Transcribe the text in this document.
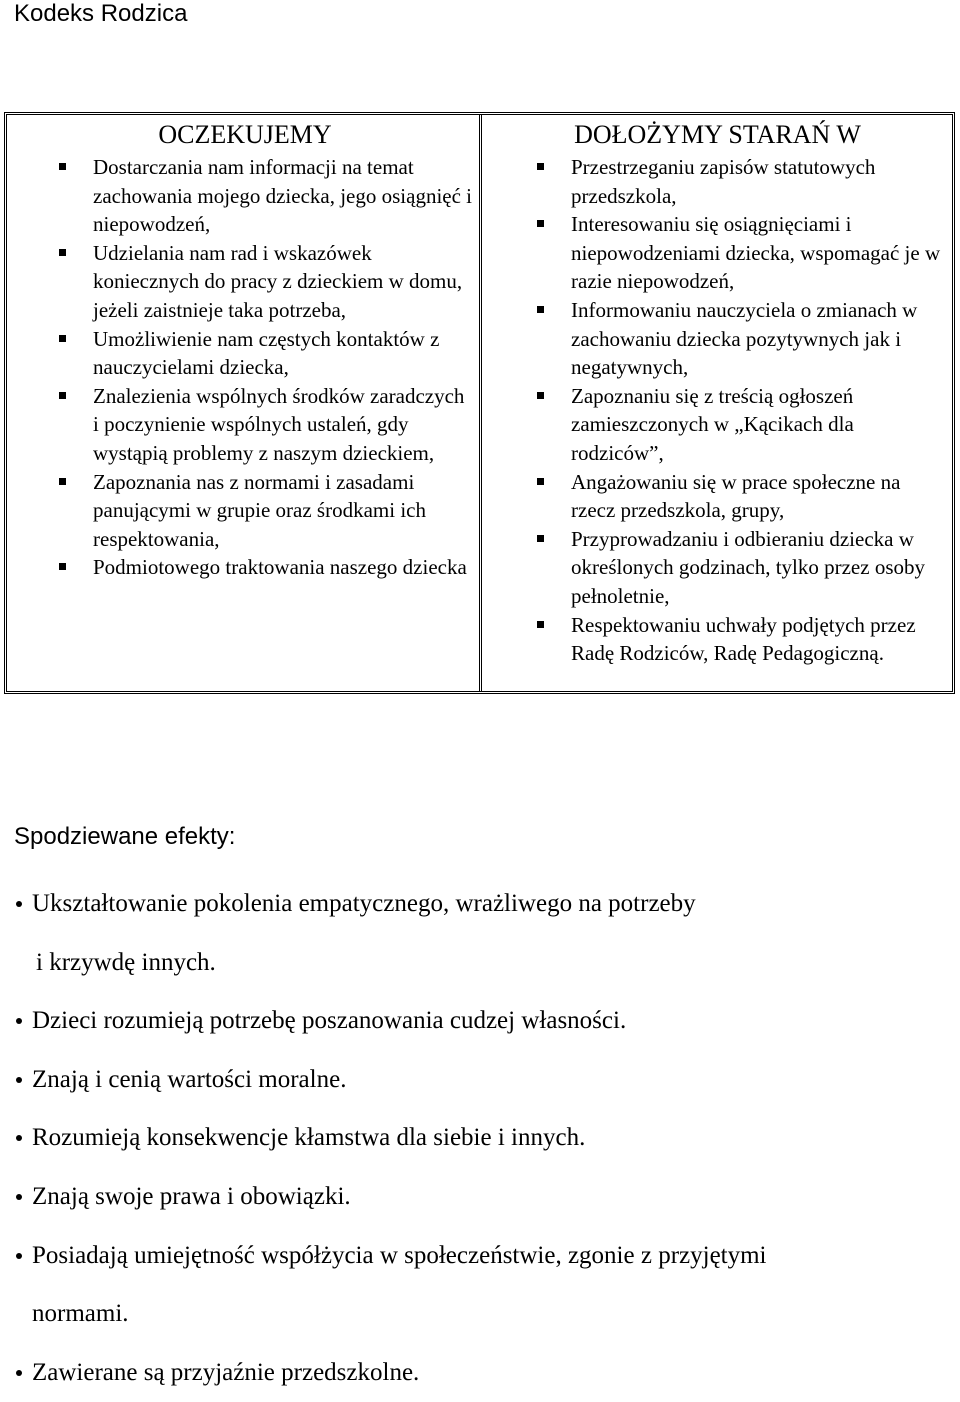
Kodeks Rodzica
OCZEKUJEMY
Dostarczania nam informacji na temat zachowania mojego dziecka, jego osiągnięć i niepowodzeń,
Udzielania nam rad i wskazówek koniecznych do pracy z dzieckiem w domu, jeżeli zaistnieje taka potrzeba,
Umożliwienie nam częstych kontaktów z nauczycielami dziecka,
Znalezienia wspólnych środków zaradczych i poczynienie wspólnych ustaleń, gdy wystąpią problemy z naszym dzieckiem,
Zapoznania nas z normami i zasadami panującymi w grupie oraz środkami ich respektowania,
Podmiotowego traktowania naszego dziecka
DOŁOŻYMY STARAŃ W
Przestrzeganiu zapisów statutowych przedszkola,
Interesowaniu się osiągnięciami i niepowodzeniami dziecka, wspomagać je w razie niepowodzeń,
Informowaniu nauczyciela o zmianach w zachowaniu dziecka pozytywnych jak i negatywnych,
Zapoznaniu się z treścią ogłoszeń zamieszczonych w „Kącikach dla rodziców”,
Angażowaniu się w prace społeczne na rzecz przedszkola, grupy,
Przyprowadzaniu i odbieraniu dziecka w określonych godzinach, tylko przez osoby pełnoletnie,
Respektowaniu uchwały podjętych przez Radę Rodziców, Radę Pedagogiczną.
Spodziewane efekty:
Ukształtowanie pokolenia empatycznego, wrażliwego na potrzeby
i krzywdę innych.
Dzieci rozumieją potrzebę poszanowania cudzej własności.
Znają i cenią wartości moralne.
Rozumieją konsekwencje kłamstwa dla siebie i innych.
Znają swoje prawa i obowiązki.
Posiadają umiejętność współżycia w społeczeństwie, zgonie z przyjętymi
normami.
Zawierane są przyjaźnie przedszkolne.
